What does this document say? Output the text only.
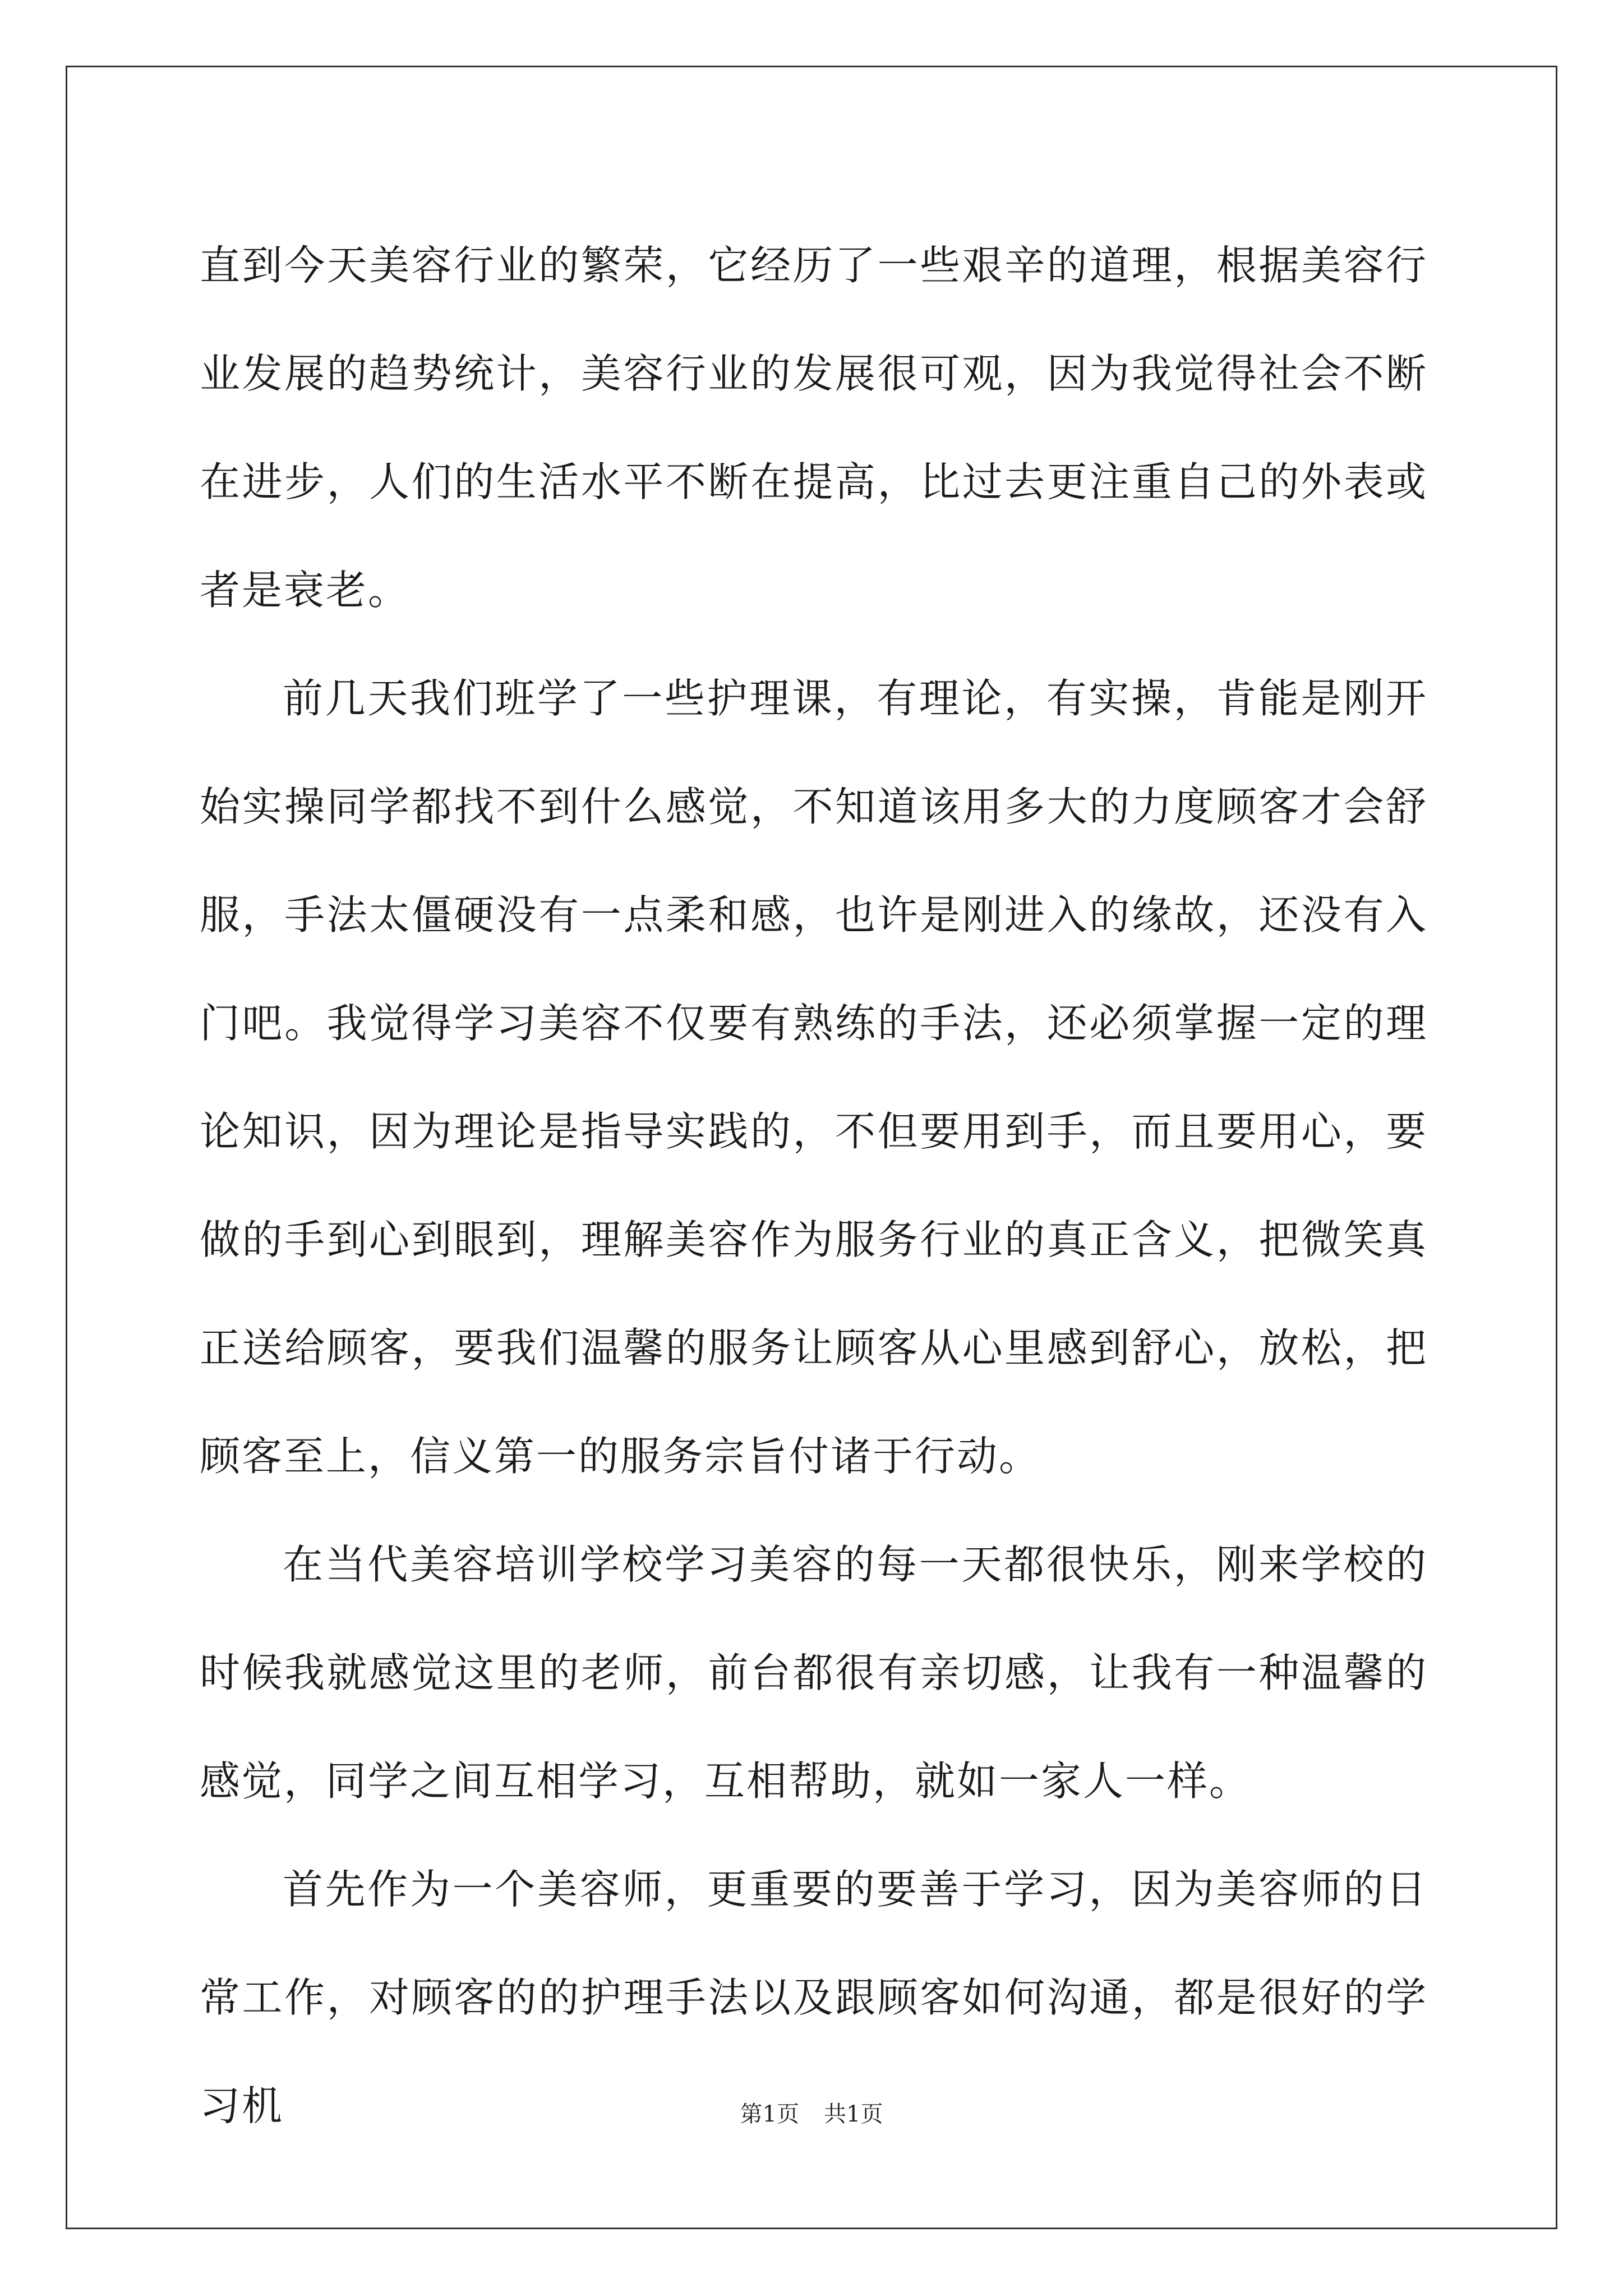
直到今天美容行业的繁荣，它经历了一些艰辛的道理，根据美容行业发展的趋势统计，美容行业的发展很可观，因为我觉得社会不断在进步，人们的生活水平不断在提高，比过去更注重自己的外表或者是衰老。

前几天我们班学了一些护理课，有理论，有实操，肯能是刚开始实操同学都找不到什么感觉，不知道该用多大的力度顾客才会舒服，手法太僵硬没有一点柔和感，也许是刚进入的缘故，还没有入门吧。我觉得学习美容不仅要有熟练的手法，还必须掌握一定的理论知识，因为理论是指导实践的，不但要用到手，而且要用心，要做的手到心到眼到，理解美容作为服务行业的真正含义，把微笑真正送给顾客，要我们温馨的服务让顾客从心里感到舒心，放松，把顾客至上，信义第一的服务宗旨付诸于行动。

在当代美容培训学校学习美容的每一天都很快乐，刚来学校的时候我就感觉这里的老师，前台都很有亲切感，让我有一种温馨的感觉，同学之间互相学习，互相帮助，就如一家人一样。

首先作为一个美容师，更重要的要善于学习，因为美容师的日常工作，对顾客的的护理手法以及跟顾客如何沟通，都是很好的学习机	第1页 共1页
